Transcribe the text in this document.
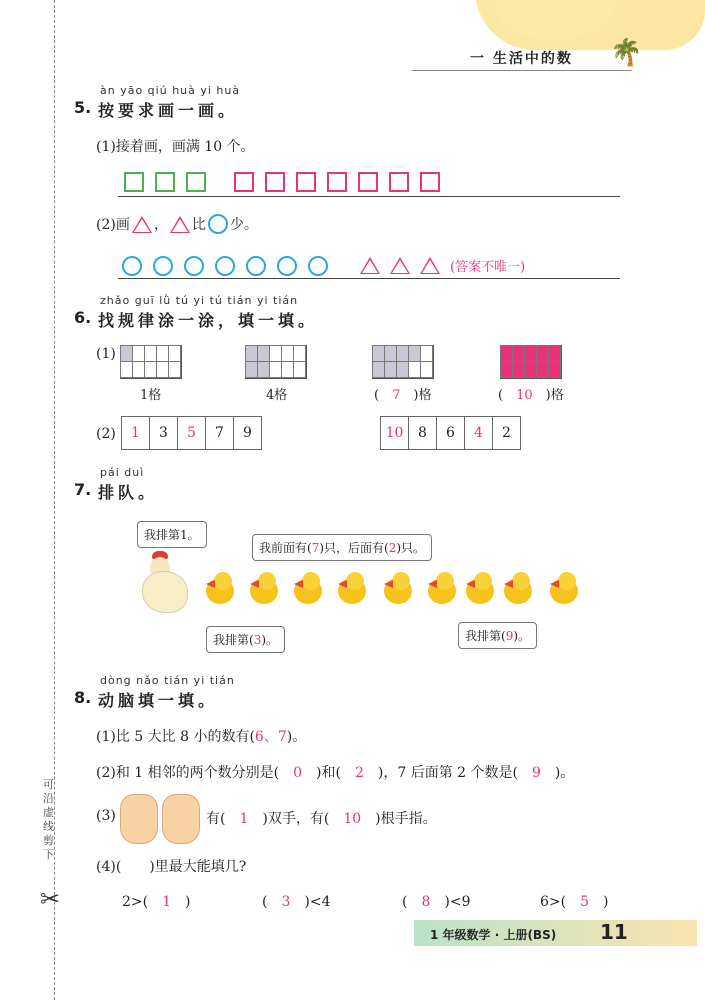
一 生活中的数 🌴
可沿虚线剪下
✂
àn yāo qiú huà yi huà
5. 按要求画一画。
(1)接着画，画满 10 个。
(2)画 ， 比 少。
(答案不唯一)
zhǎo guī lǜ tú yi tú tián yi tián
6. 找规律涂一涂，填一填。
(1)
1格	4格	(　7　)格	(　10　)格
(2)	1	3	5	7	9	10	8	6	4	2
pái duì
7. 排队。
我排第1。
我前面有(7)只，后面有(2)只。
我排第(3)。	我排第(9)。
dòng nǎo tián yi tián
8. 动脑填一填。
(1)比 5 大比 8 小的数有(6、7)。
(2)和 1 相邻的两个数分别是(　 0　 )和(　 2　 )，7 后面第 2 个数是(　 9　 )。
(3)	有(　 1　 )双手，有(　 10　 )根手指。
(4)(　　)里最大能填几?
2>(　 1　 )	(　 3　 )<4	(　 8　 )<9	6>(　 5　 )
1 年级数学 · 上册(BS) 11
